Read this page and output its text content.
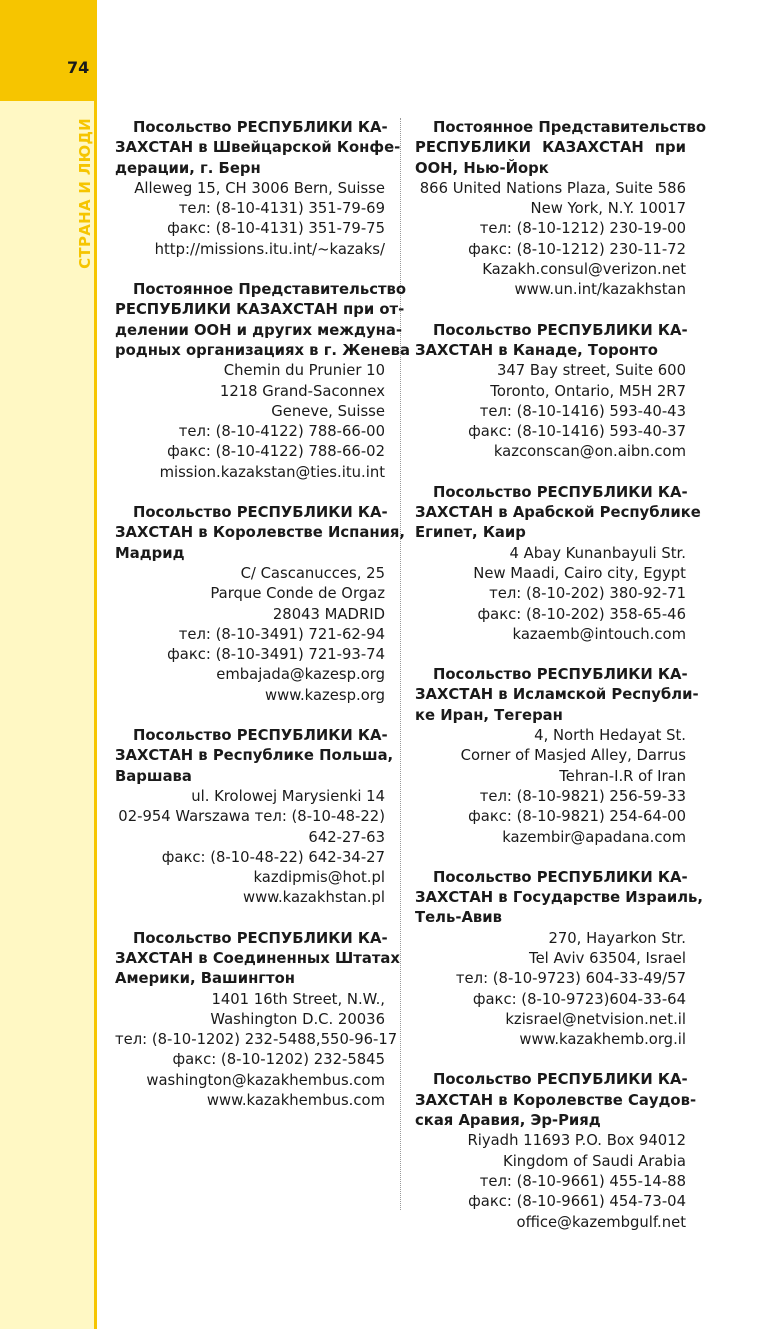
74
СТРАНА И ЛЮДИ	Посольство РЕСПУБЛИКИ КА-
ЗАХСТАН в Швейцарской Конфе-
дерации, г. Берн
Alleweg 15, CH 3006 Bern, Suisse
тел: (8-10-4131) 351-79-69
факс: (8-10-4131) 351-79-75
http://missions.itu.int/~kazaks/
Постоянное Представительство
РЕСПУБЛИКИ КАЗАХСТАН при от-
делении ООН и других междуна-
родных организациях в г. Женева
Chemin du Prunier 10
1218 Grand-Saconnex
Geneve, Suisse
тел: (8-10-4122) 788-66-00
факс: (8-10-4122) 788-66-02
mission.kazakstan@ties.itu.int
Посольство РЕСПУБЛИКИ КА-
ЗАХСТАН в Королевстве Испания,
Мадрид
C/ Cascanucces, 25
Parque Conde de Orgaz
28043 MADRID
тел: (8-10-3491) 721-62-94
факс: (8-10-3491) 721-93-74
embajada@kazesp.org
www.kazesp.org
Посольство РЕСПУБЛИКИ КА-
ЗАХСТАН в Республике Польша,
Варшава
ul. Krolowej Marysienki 14
02-954 Warszawa тел: (8-10-48-22)
642-27-63
факс: (8-10-48-22) 642-34-27
kazdipmis@hot.pl
www.kazakhstan.pl
Посольство РЕСПУБЛИКИ КА-
ЗАХСТАН в Соединенных Штатах
Америки, Вашингтон
1401 16th Street, N.W.,
Washington D.C. 20036
тел: (8-10-1202) 232-5488,550-96-17
факс: (8-10-1202) 232-5845
washington@kazakhembus.com
www.kazakhembus.com
Постоянное Представительство
РЕСПУБЛИКИ КАЗАХСТАН при
ООН, Нью-Йорк
866 United Nations Plaza, Suite 586
New York, N.Y. 10017
тел: (8-10-1212) 230-19-00
факс: (8-10-1212) 230-11-72
Kazakh.consul@verizon.net
www.un.int/kazakhstan
Посольство РЕСПУБЛИКИ КА-
ЗАХСТАН в Канаде, Торонто
347 Bay street, Suite 600
Toronto, Ontario, M5H 2R7
тел: (8-10-1416) 593-40-43
факс: (8-10-1416) 593-40-37
kazconscan@on.aibn.com
Посольство РЕСПУБЛИКИ КА-
ЗАХСТАН в Арабской Республике
Египет, Каир
4 Abay Kunanbayuli Str.
New Maadi, Cairo city, Egypt
тел: (8-10-202) 380-92-71
факс: (8-10-202) 358-65-46
kazaemb@intouch.com
Посольство РЕСПУБЛИКИ КА-
ЗАХСТАН в Исламской Республи-
ке Иран, Тегеран
4, North Hedayat St.
Corner of Masjed Alley, Darrus
Tehran-I.R of Iran
тел: (8-10-9821) 256-59-33
факс: (8-10-9821) 254-64-00
kazembir@apadana.com
Посольство РЕСПУБЛИКИ КА-
ЗАХСТАН в Государстве Израиль,
Тель-Авив
270, Hayarkon Str.
Tel Aviv 63504, Israel
тел: (8-10-9723) 604-33-49/57
факс: (8-10-9723)604-33-64
kzisrael@netvision.net.il
www.kazakhemb.org.il
Посольство РЕСПУБЛИКИ КА-
ЗАХСТАН в Королевстве Саудов-
ская Аравия, Эр-Рияд
Riyadh 11693 P.O. Box 94012
Kingdom of Saudi Arabia
тел: (8-10-9661) 455-14-88
факс: (8-10-9661) 454-73-04
office@kazembgulf.net
